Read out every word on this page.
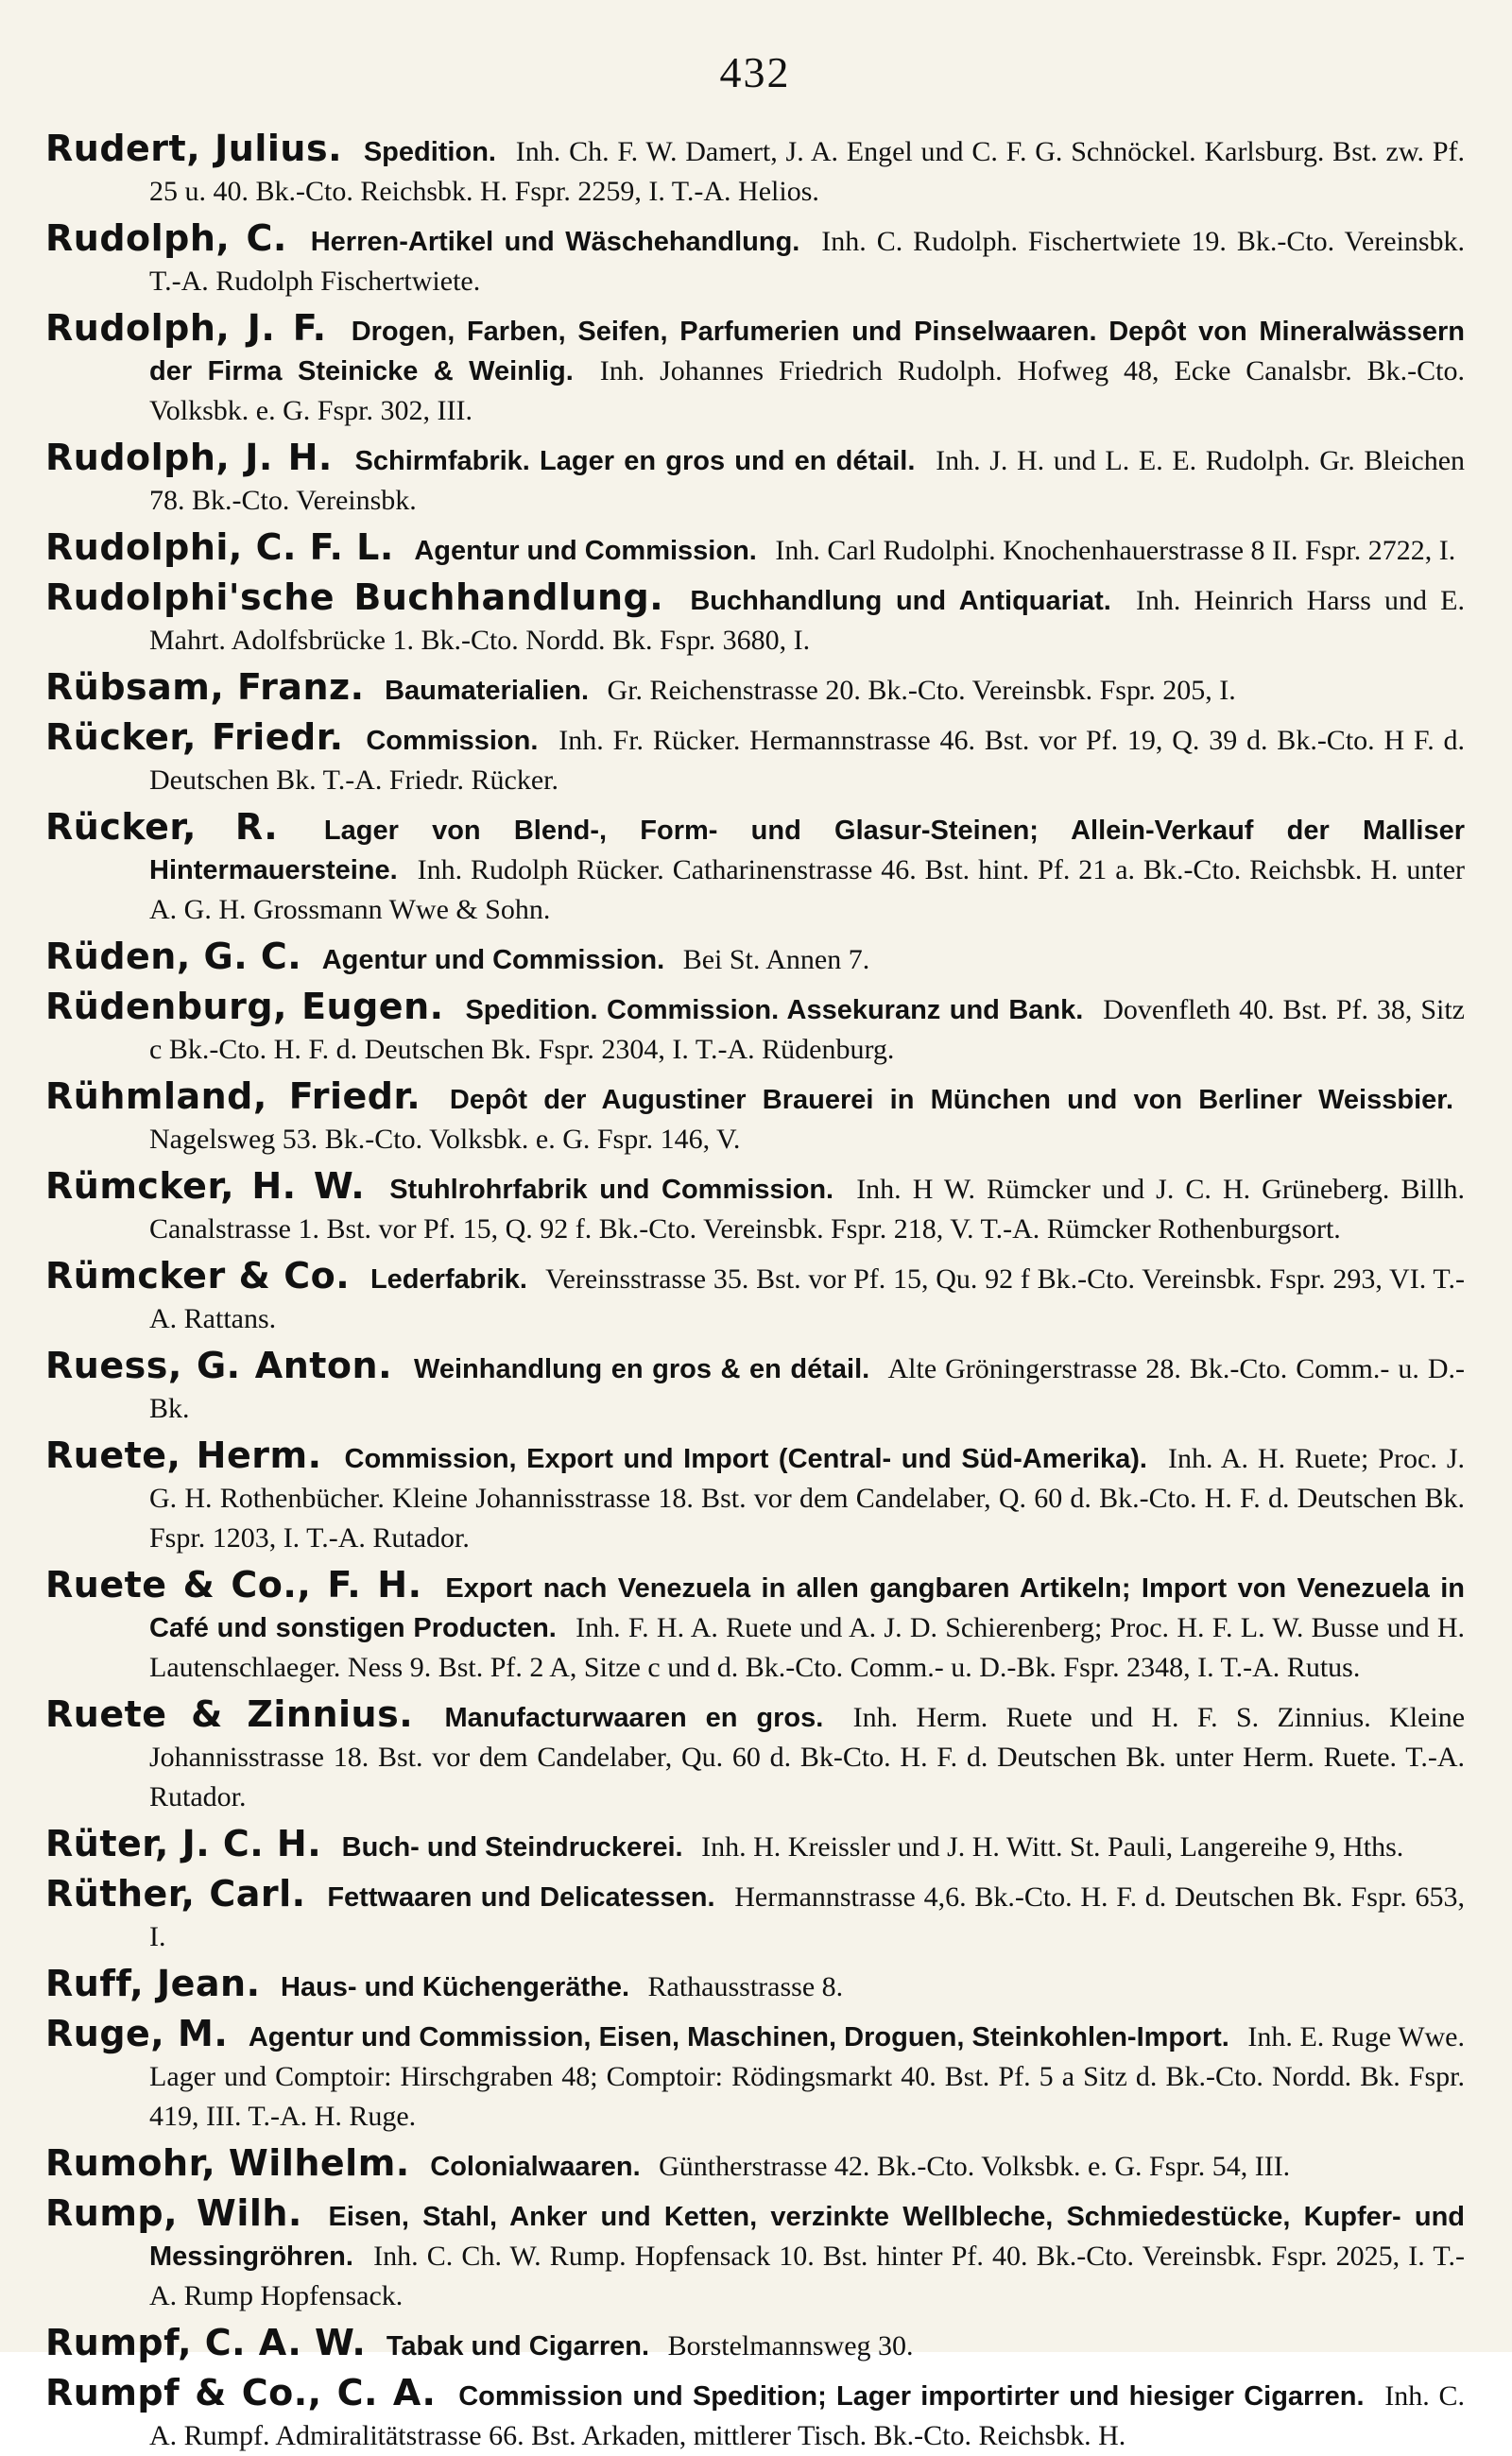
432

Rudert, Julius. Spedition. Inh. Ch. F. W. Damert, J. A. Engel und C. F. G. Schnöckel. Karlsburg. Bst. zw. Pf. 25 u. 40. Bk.-Cto. Reichsbk. H. Fspr. 2259, I. T.-A. Helios.

Rudolph, C. Herren-Artikel und Wäschehandlung. Inh. C. Rudolph. Fischertwiete 19. Bk.-Cto. Vereinsbk. T.-A. Rudolph Fischertwiete.

Rudolph, J. F. Drogen, Farben, Seifen, Parfumerien und Pinselwaaren. Depôt von Mineralwässern der Firma Steinicke & Weinlig. Inh. Johannes Friedrich Rudolph. Hofweg 48, Ecke Canalsbr. Bk.-Cto. Volksbk. e. G. Fspr. 302, III.

Rudolph, J. H. Schirmfabrik. Lager en gros und en détail. Inh. J. H. und L. E. E. Rudolph. Gr. Bleichen 78. Bk.-Cto. Vereinsbk.

Rudolphi, C. F. L. Agentur und Commission. Inh. Carl Rudolphi. Knochenhauerstrasse 8 II. Fspr. 2722, I.

Rudolphi'sche Buchhandlung. Buchhandlung und Antiquariat. Inh. Heinrich Harss und E. Mahrt. Adolfsbrücke 1. Bk.-Cto. Nordd. Bk. Fspr. 3680, I.

Rübsam, Franz. Baumaterialien. Gr. Reichenstrasse 20. Bk.-Cto. Vereinsbk. Fspr. 205, I.

Rücker, Friedr. Commission. Inh. Fr. Rücker. Hermannstrasse 46. Bst. vor Pf. 19, Q. 39 d. Bk.-Cto. H F. d. Deutschen Bk. T.-A. Friedr. Rücker.

Rücker, R. Lager von Blend-, Form- und Glasur-Steinen; Allein-Verkauf der Malliser Hintermauersteine. Inh. Rudolph Rücker. Catharinenstrasse 46. Bst. hint. Pf. 21 a. Bk.-Cto. Reichsbk. H. unter A. G. H. Grossmann Wwe & Sohn.

Rüden, G. C. Agentur und Commission. Bei St. Annen 7.

Rüdenburg, Eugen. Spedition. Commission. Assekuranz und Bank. Dovenfleth 40. Bst. Pf. 38, Sitz c Bk.-Cto. H. F. d. Deutschen Bk. Fspr. 2304, I. T.-A. Rüdenburg.

Rühmland, Friedr. Depôt der Augustiner Brauerei in München und von Berliner Weissbier. Nagelsweg 53. Bk.-Cto. Volksbk. e. G. Fspr. 146, V.

Rümcker, H. W. Stuhlrohrfabrik und Commission. Inh. H W. Rümcker und J. C. H. Grüneberg. Billh. Canalstrasse 1. Bst. vor Pf. 15, Q. 92 f. Bk.-Cto. Vereinsbk. Fspr. 218, V. T.-A. Rümcker Rothenburgsort.

Rümcker & Co. Lederfabrik. Vereinsstrasse 35. Bst. vor Pf. 15, Qu. 92 f Bk.-Cto. Vereinsbk. Fspr. 293, VI. T.-A. Rattans.

Ruess, G. Anton. Weinhandlung en gros & en détail. Alte Gröningerstrasse 28. Bk.-Cto. Comm.- u. D.-Bk.

Ruete, Herm. Commission, Export und Import (Central- und Süd-Amerika). Inh. A. H. Ruete; Proc. J. G. H. Rothenbücher. Kleine Johannisstrasse 18. Bst. vor dem Candelaber, Q. 60 d. Bk.-Cto. H. F. d. Deutschen Bk. Fspr. 1203, I. T.-A. Rutador.

Ruete & Co., F. H. Export nach Venezuela in allen gangbaren Artikeln; Import von Venezuela in Café und sonstigen Producten. Inh. F. H. A. Ruete und A. J. D. Schierenberg; Proc. H. F. L. W. Busse und H. Lautenschlaeger. Ness 9. Bst. Pf. 2 A, Sitze c und d. Bk.-Cto. Comm.- u. D.-Bk. Fspr. 2348, I. T.-A. Rutus.

Ruete & Zinnius. Manufacturwaaren en gros. Inh. Herm. Ruete und H. F. S. Zinnius. Kleine Johannisstrasse 18. Bst. vor dem Candelaber, Qu. 60 d. Bk-Cto. H. F. d. Deutschen Bk. unter Herm. Ruete. T.-A. Rutador.

Rüter, J. C. H. Buch- und Steindruckerei. Inh. H. Kreissler und J. H. Witt. St. Pauli, Langereihe 9, Hths.

Rüther, Carl. Fettwaaren und Delicatessen. Hermannstrasse 4,6. Bk.-Cto. H. F. d. Deutschen Bk. Fspr. 653, I.

Ruff, Jean. Haus- und Küchengeräthe. Rathausstrasse 8.

Ruge, M. Agentur und Commission, Eisen, Maschinen, Droguen, Steinkohlen-Import. Inh. E. Ruge Wwe. Lager und Comptoir: Hirschgraben 48; Comptoir: Rödingsmarkt 40. Bst. Pf. 5 a Sitz d. Bk.-Cto. Nordd. Bk. Fspr. 419, III. T.-A. H. Ruge.

Rumohr, Wilhelm. Colonialwaaren. Güntherstrasse 42. Bk.-Cto. Volksbk. e. G. Fspr. 54, III.

Rump, Wilh. Eisen, Stahl, Anker und Ketten, verzinkte Wellbleche, Schmiedestücke, Kupfer- und Messingröhren. Inh. C. Ch. W. Rump. Hopfensack 10. Bst. hinter Pf. 40. Bk.-Cto. Vereinsbk. Fspr. 2025, I. T.-A. Rump Hopfensack.

Rumpf, C. A. W. Tabak und Cigarren. Borstelmannsweg 30.

Rumpf & Co., C. A. Commission und Spedition; Lager importirter und hiesiger Cigarren. Inh. C. A. Rumpf. Admiralitätstrasse 66. Bst. Arkaden, mittlerer Tisch. Bk.-Cto. Reichsbk. H.
